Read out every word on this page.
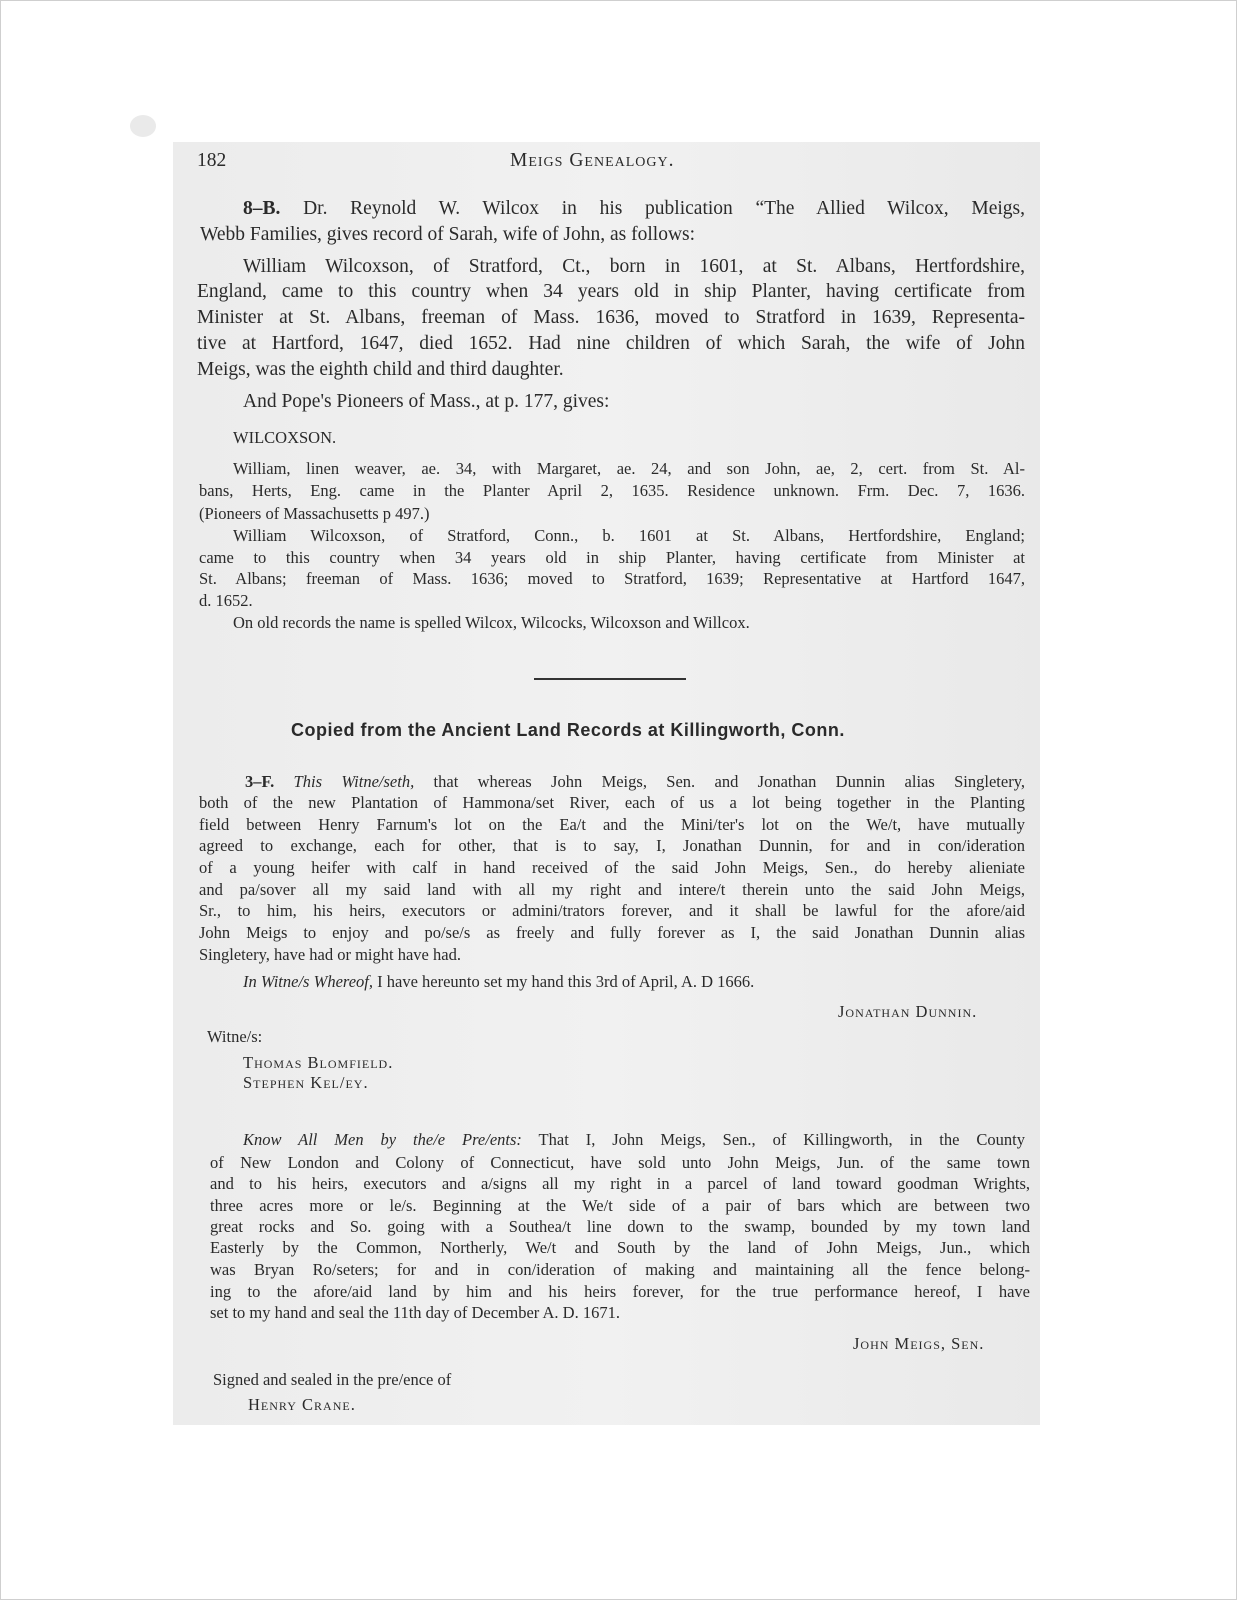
182	Meigs Genealogy.
8–B. Dr. Reynold W. Wilcox in his publication “The Allied Wilcox, Meigs,
Webb Families, gives record of Sarah, wife of John, as follows:
William Wilcoxson, of Stratford, Ct., born in 1601, at St. Albans, Hertfordshire,
England, came to this country when 34 years old in ship Planter, having certificate from
Minister at St. Albans, freeman of Mass. 1636, moved to Stratford in 1639, Representa-
tive at Hartford, 1647, died 1652. Had nine children of which Sarah, the wife of John
Meigs, was the eighth child and third daughter.
And Pope's Pioneers of Mass., at p. 177, gives:
WILCOXSON.
William, linen weaver, ae. 34, with Margaret, ae. 24, and son John, ae, 2, cert. from St. Al-
bans, Herts, Eng. came in the Planter April 2, 1635. Residence unknown. Frm. Dec. 7, 1636.
(Pioneers of Massachusetts p 497.)
William Wilcoxson, of Stratford, Conn., b. 1601 at St. Albans, Hertfordshire, England;
came to this country when 34 years old in ship Planter, having certificate from Minister at
St. Albans; freeman of Mass. 1636; moved to Stratford, 1639; Representative at Hartford 1647,
d. 1652.
On old records the name is spelled Wilcox, Wilcocks, Wilcoxson and Willcox.
Copied from the Ancient Land Records at Killingworth, Conn.
3–F. This Witne/seth, that whereas John Meigs, Sen. and Jonathan Dunnin alias Singletery,
both of the new Plantation of Hammona/set River, each of us a lot being together in the Planting
field between Henry Farnum's lot on the Ea/t and the Mini/ter's lot on the We/t, have mutually
agreed to exchange, each for other, that is to say, I, Jonathan Dunnin, for and in con/ideration
of a young heifer with calf in hand received of the said John Meigs, Sen., do hereby alieniate
and pa/sover all my said land with all my right and intere/t therein unto the said John Meigs,
Sr., to him, his heirs, executors or admini/trators forever, and it shall be lawful for the afore/aid
John Meigs to enjoy and po/se/s as freely and fully forever as I, the said Jonathan Dunnin alias
Singletery, have had or might have had.
In Witne/s Whereof, I have hereunto set my hand this 3rd of April, A. D 1666.
Jonathan Dunnin.
Witne/s:
Thomas Blomfield.
Stephen Kel/ey.
Know All Men by the/e Pre/ents: That I, John Meigs, Sen., of Killingworth, in the County
of New London and Colony of Connecticut, have sold unto John Meigs, Jun. of the same town
and to his heirs, executors and a/signs all my right in a parcel of land toward goodman Wrights,
three acres more or le/s. Beginning at the We/t side of a pair of bars which are between two
great rocks and So. going with a Southea/t line down to the swamp, bounded by my town land
Easterly by the Common, Northerly, We/t and South by the land of John Meigs, Jun., which
was Bryan Ro/seters; for and in con/ideration of making and maintaining all the fence belong-
ing to the afore/aid land by him and his heirs forever, for the true performance hereof, I have
set to my hand and seal the 11th day of December A. D. 1671.
John Meigs, Sen.
Signed and sealed in the pre/ence of
Henry Crane.
